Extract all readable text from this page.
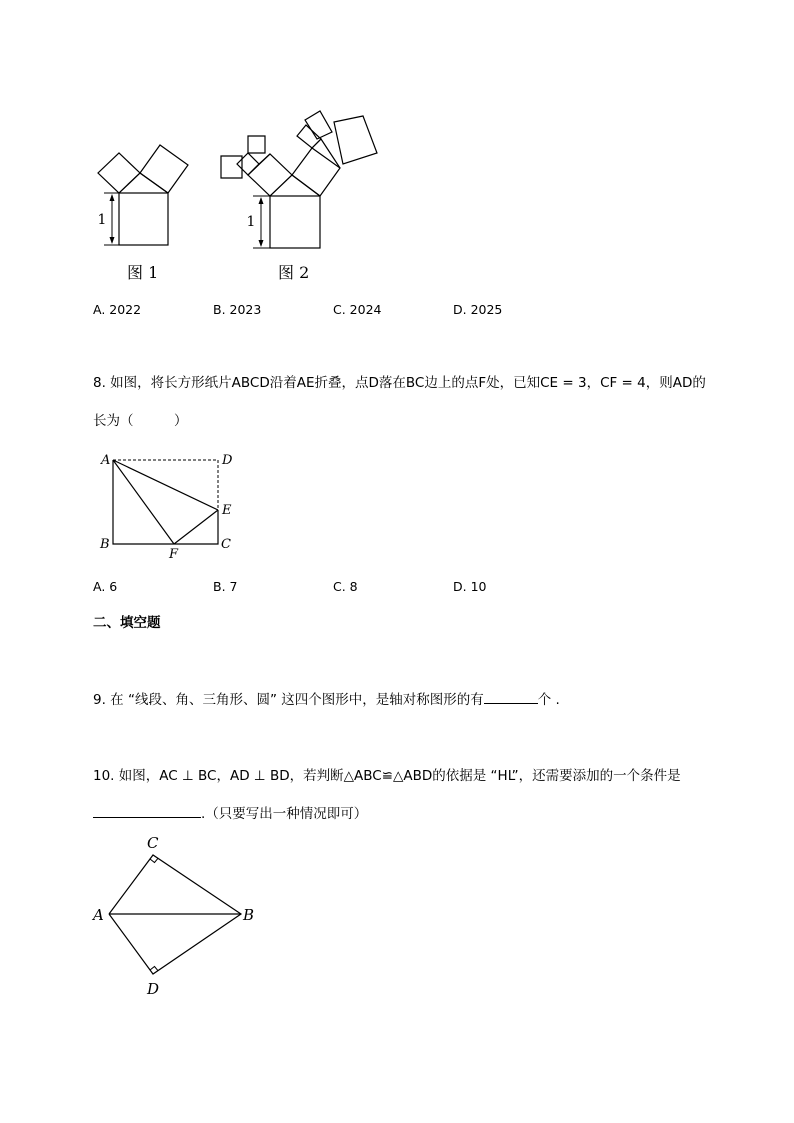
1
图 1
1
图 2
A. 2022	B. 2023	C. 2024	D. 2025
8. 如图，将长方形纸片ABCD沿着AE折叠，点D落在BC边上的点F处，已知CE = 3，CF = 4，则AD的
长为（　　　）
A	D
E
B	C
F
A. 6	B. 7	C. 8	D. 10
二、填空题
9. 在 “线段、角、三角形、圆” 这四个图形中，是轴对称图形的有	个 .
10. 如图，AC ⊥ BC，AD ⊥ BD，若判断△ABC≌△ABD的依据是 “HL”，还需要添加的一个条件是
.（只要写出一种情况即可）
C
A	B
D
